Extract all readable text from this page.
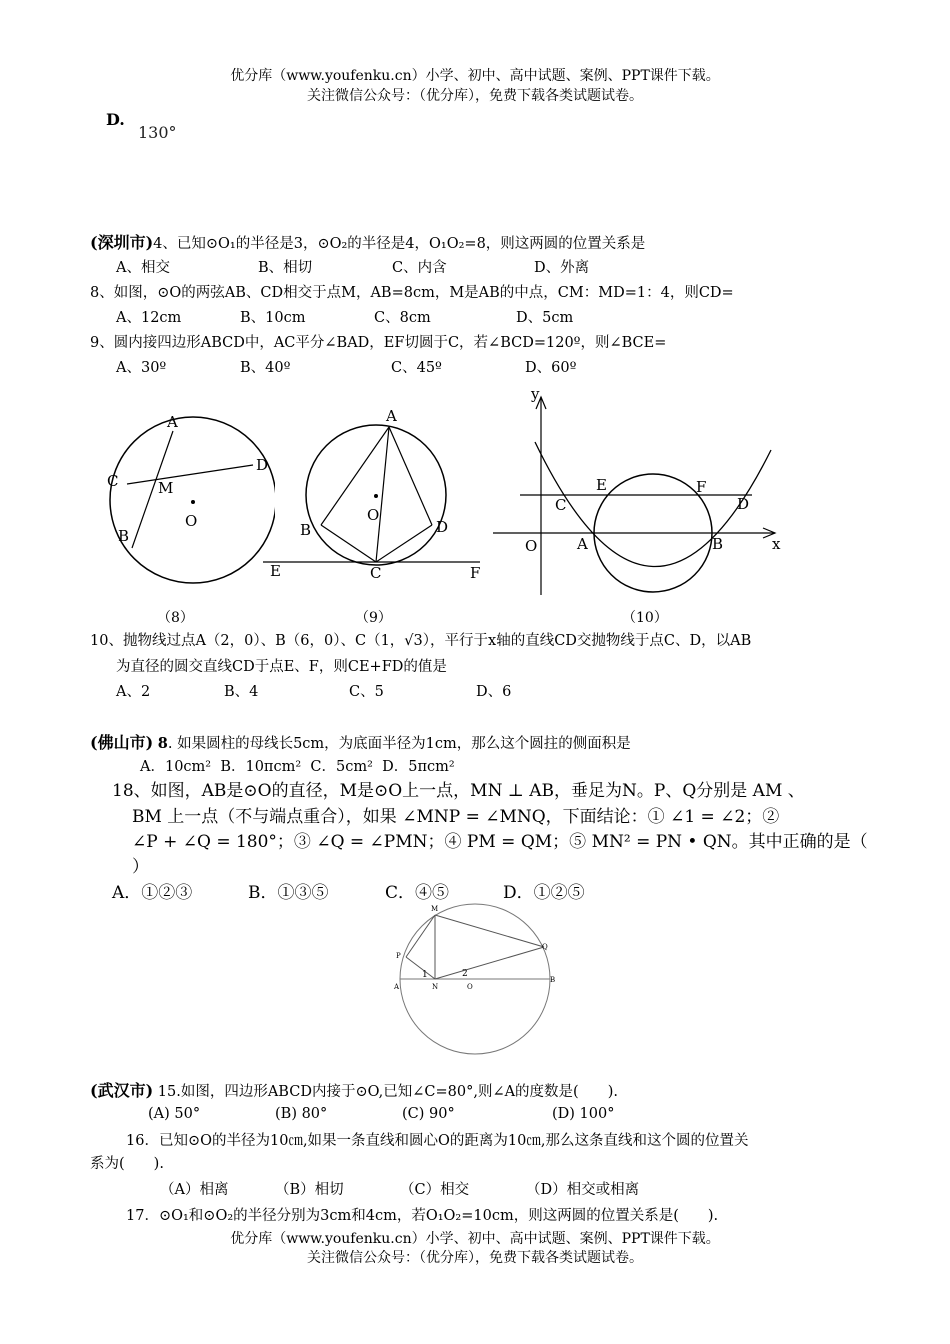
优分库（www.youfenku.cn）小学、初中、高中试题、案例、PPT课件下载。
关注微信公众号：（优分库），免费下载各类试题试卷。
D.
130°
(深圳市)4、已知⊙O₁的半径是3，⊙O₂的半径是4，O₁O₂=8，则这两圆的位置关系是
A、相交	B、相切	C、内含	D、外离
8、如图，⊙O的两弦AB、CD相交于点M，AB=8cm，M是AB的中点，CM：MD=1：4，则CD=
A、12cm	B、10cm	C、8cm	D、5cm
9、圆内接四边形ABCD中，AC平分∠BAD，EF切圆于C，若∠BCD=120º，则∠BCE=
A、30º	B、40º	C、45º	D、60º
A
C	M
D
O
B
A
O
B	D
E	C	F
y
E	F
C	D
O	A	B	x
（8）	（9）	（10）
10、抛物线过点A（2，0）、B（6，0）、C（1，√3），平行于x轴的直线CD交抛物线于点C、D，以AB
为直径的圆交直线CD于点E、F，则CE+FD的值是
A、2	B、4	C、5	D、6
(佛山市) 8. 如果圆柱的母线长5cm，为底面半径为1cm，那么这个圆拄的侧面积是
A．10cm² B．10πcm² C．5cm² D．5πcm²
18、如图，AB是⊙O的直径，M是⊙O上一点，MN ⊥ AB，垂足为N。P、Q分别是 AM 、
BM 上一点（不与端点重合），如果 ∠MNP = ∠MNQ，下面结论：① ∠1 = ∠2；②
∠P + ∠Q = 180°；③ ∠Q = ∠PMN；④ PM = QM；⑤ MN² = PN • QN。其中正确的是（
）
A．①②③	B．①③⑤	C．④⑤	D．①②⑤
M
P
Q
1	2
A	N	O
B
(武汉市) 15.如图，四边形ABCD内接于⊙O,已知∠C=80°,则∠A的度数是(　　).
(A) 50°	(B) 80°	(C) 90°	(D) 100°
16．已知⊙O的半径为10㎝,如果一条直线和圆心O的距离为10㎝,那么这条直线和这个圆的位置关
系为(　　).
（A）相离	（B）相切	（C）相交	（D）相交或相离
17．⊙O₁和⊙O₂的半径分别为3cm和4cm，若O₁O₂=10cm，则这两圆的位置关系是(　　).
优分库（www.youfenku.cn）小学、初中、高中试题、案例、PPT课件下载。
关注微信公众号：（优分库），免费下载各类试题试卷。
